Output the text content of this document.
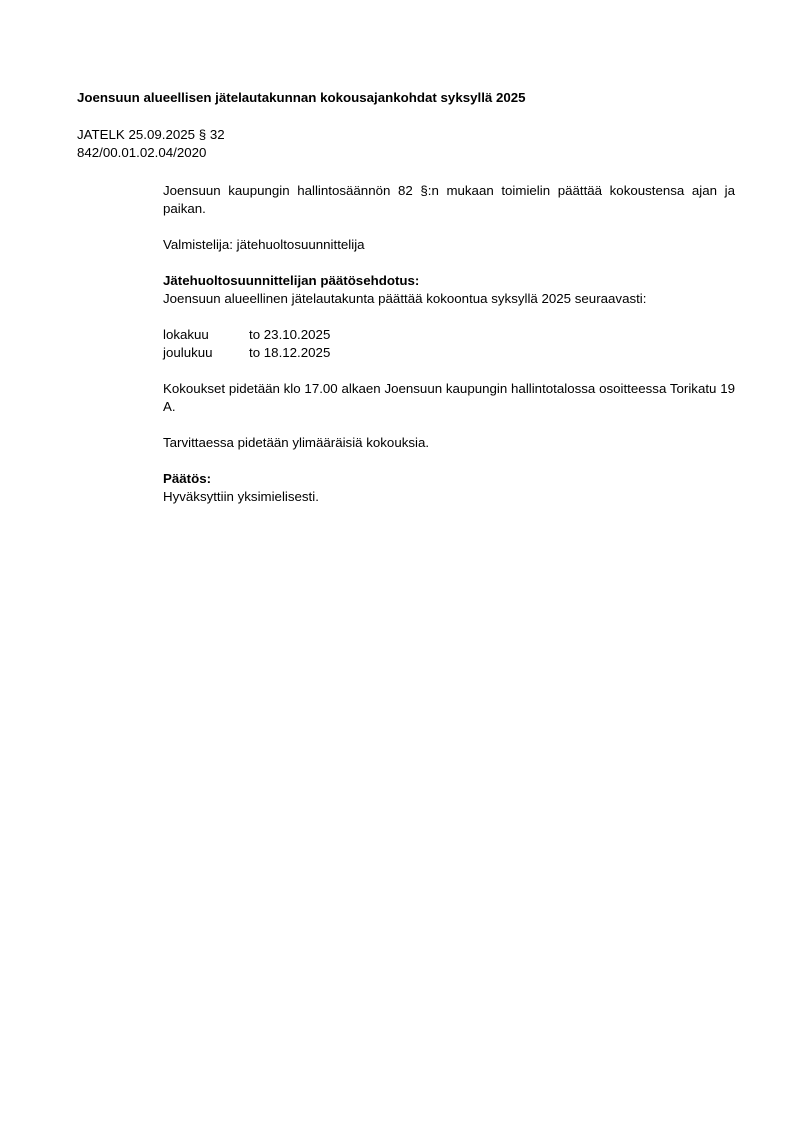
Joensuun alueellisen jätelautakunnan kokousajankohdat syksyllä 2025
JATELK 25.09.2025 § 32
842/00.01.02.04/2020

Joensuun kaupungin hallintosäännön 82 §:n mukaan toimielin päättää kokoustensa ajan ja paikan.

Valmistelija: jätehuoltosuunnittelija

Jätehuoltosuunnittelijan päätösehdotus:
Joensuun alueellinen jätelautakunta päättää kokoontua syksyllä 2025 seuraavasti:
lokakuu	to 23.10.2025
joulukuu	to 18.12.2025

Kokoukset pidetään klo 17.00 alkaen Joensuun kaupungin hallintotalossa osoitteessa Torikatu 19 A.

Tarvittaessa pidetään ylimääräisiä kokouksia.

Päätös:
Hyväksyttiin yksimielisesti.
